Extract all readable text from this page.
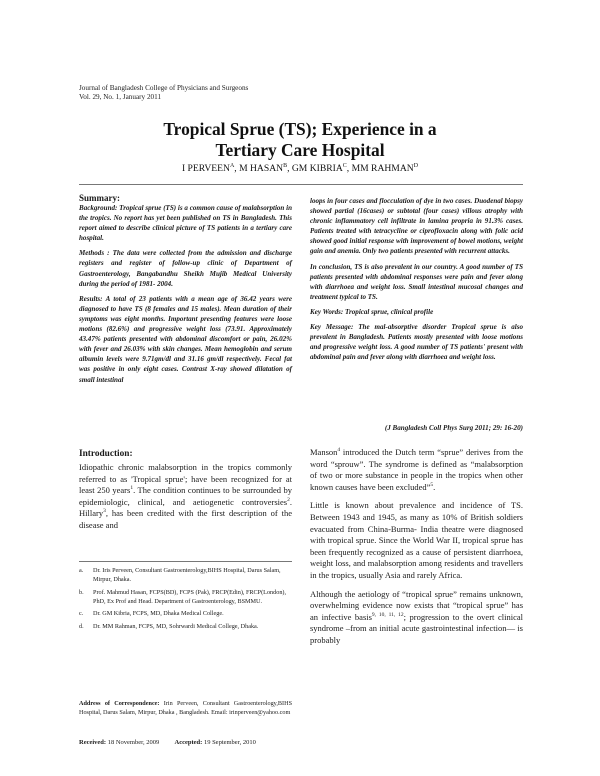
Journal of Bangladesh College of Physicians and Surgeons
Vol. 29, No. 1, January 2011
Tropical Sprue (TS); Experience in a
Tertiary Care Hospital
I $PERVEEN^A$, M $HASAN^B$, GM $KIBRIA^C$, MM $RAHMAN^D$

Summary:

Background: Tropical sprue (TS) is a common cause of malabsorption in the tropics. No report has yet been published on TS in Bangladesh. This report aimed to describe clinical picture of TS patients in a tertiary care hospital.

Methods : The data were collected from the admission and discharge registers and register of follow-up clinic of Department of Gastroenterology, Bangabandhu Sheikh Mujib Medical University during the period of 1981- 2004.

Results: A total of 23 patients with a mean age of 36.42 years were diagnosed to have TS (8 females and 15 males). Mean duration of their symptoms was eight months. Important presenting features were loose motions (82.6%) and progressive weight loss (73.91. Approximately 43.47% patients presented with abdominal discomfort or pain, 26.02% with fever and 26.03% with skin changes. Mean hemoglobin and serum albumin levels were 9.71gm/dl and 31.16 gm/dl respectively. Fecal fat was positive in only eight cases. Contrast X-ray showed dilatation of small intestinal

loops in four cases and flocculation of dye in two cases. Duodenal biopsy showed partial (16cases) or subtotal (four cases) villous atrophy with chronic inflammatory cell infiltrate in lamina propria in 91.3% cases. Patients treated with tetracycline or ciprofloxacin along with folic acid showed good initial response with improvement of bowel motions, weight gain and anemia. Only two patients presented with recurrent attacks.

In conclusion, TS is also prevalent in our country. A good number of TS patients presented with abdominal responses were pain and fever along with diarrhoea and weight loss. Small intestinal mucosal changes and treatment typical to TS.

Key Words: Tropical sprue, clinical profile

Key Message: The mal-absorptive disorder Tropical sprue is also prevalent in Bangladesh. Patients mostly presented with loose motions and progressive weight loss. A good number of TS patients' present with abdominal pain and fever along with diarrhoea and weight loss.

(J Bangladesh Coll Phys Surg 2011; 29: 16-20)

Introduction:

Idiopathic chronic malabsorption in the tropics commonly referred to as 'Tropical sprue'; have been recognized for at least 250 years$^1$. The condition continues to be surrounded by epidemiologic, clinical, and aetiogenetic controversies$^2$. Hillary$^3$, has been credited with the first description of the disease and

a.	Dr. Iris Perveen, Consultant Gastroenterology,BIHS Hospital, Darus Salam, Mirpur, Dhaka.
b.	Prof. Mahmud Hasan, FCPS(BD), FCPS (Pak), FRCP(Edin), FRCP(London), PhD, Ex Prof and Head. Department of Gastroenterology, BSMMU.
c.	Dr. GM Kibria, FCPS, MD, Dhaka Medical College.
d.	Dr. MM Rahman, FCPS, MD, Sohrwardi Medical College, Dhaka.
Address of Correspondence: Irin Perveen, Consultant Gastroenterology,BIHS Hospital, Darus Salam, Mirpur, Dhaka , Bangladesh. Email: irinperveen@yahoo.com
Received: 18 November, 2009 Accepted: 19 September, 2010

Manson$^4$ introduced the Dutch term “sprue” derives from the word “sprouw”. The syndrome is defined as “malabsorption of two or more substance in people in the tropics when other known causes have been excluded”$^5$.

Little is known about prevalence and incidence of TS. Between 1943 and 1945, as many as 10% of British soldiers evacuated from China-Burma- India theatre were diagnosed with tropical sprue. Since the World War II, tropical sprue has been frequently recognized as a cause of persistent diarrhoea, weight loss, and malabsorption among residents and travellers in the tropics, usually Asia and rarely Africa.

Although the aetiology of “tropical sprue” remains unknown, overwhelming evidence now exists that “tropical sprue” has an infective basis$^{9, 10, 11, 12}$; progression to the overt clinical syndrome –from an initial acute gastrointestinal infection— is probably
